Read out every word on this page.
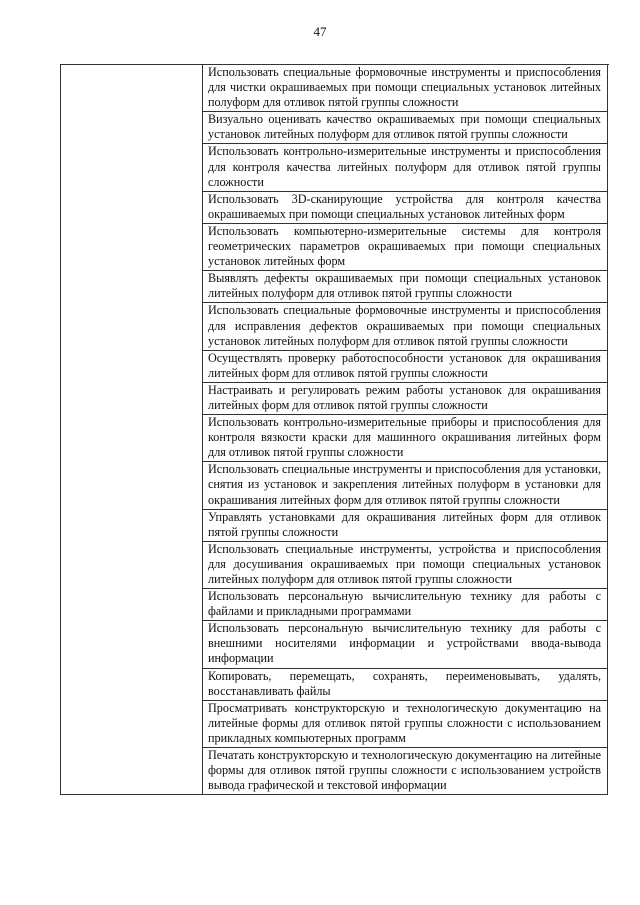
47
Использовать специальные формовочные инструменты и приспособления для чистки окрашиваемых при помощи специальных установок литейных полуформ для отливок пятой группы сложности
Визуально оценивать качество окрашиваемых при помощи специальных установок литейных полуформ для отливок пятой группы сложности
Использовать контрольно-измерительные инструменты и приспособления для контроля качества литейных полуформ для отливок пятой группы сложности
Использовать 3D-сканирующие устройства для контроля качества окрашиваемых при помощи специальных установок литейных форм
Использовать компьютерно-измерительные системы для контроля геометрических параметров окрашиваемых при помощи специальных установок литейных форм
Выявлять дефекты окрашиваемых при помощи специальных установок литейных полуформ для отливок пятой группы сложности
Использовать специальные формовочные инструменты и приспособления для исправления дефектов окрашиваемых при помощи специальных установок литейных полуформ для отливок пятой группы сложности
Осуществлять проверку работоспособности установок для окрашивания литейных форм для отливок пятой группы сложности
Настраивать и регулировать режим работы установок для окрашивания литейных форм для отливок пятой группы сложности
Использовать контрольно-измерительные приборы и приспособления для контроля вязкости краски для машинного окрашивания литейных форм для отливок пятой группы сложности
Использовать специальные инструменты и приспособления для установки, снятия из установок и закрепления литейных полуформ в установки для окрашивания литейных форм для отливок пятой группы сложности
Управлять установками для окрашивания литейных форм для отливок пятой группы сложности
Использовать специальные инструменты, устройства и приспособления для досушивания окрашиваемых при помощи специальных установок литейных полуформ для отливок пятой группы сложности
Использовать персональную вычислительную технику для работы с файлами и прикладными программами
Использовать персональную вычислительную технику для работы с внешними носителями информации и устройствами ввода-вывода информации
Копировать, перемещать, сохранять, переименовывать, удалять, восстанавливать файлы
Просматривать конструкторскую и технологическую документацию на литейные формы для отливок пятой группы сложности с использованием прикладных компьютерных программ
Печатать конструкторскую и технологическую документацию на литейные формы для отливок пятой группы сложности с использованием устройств вывода графической и текстовой информации
